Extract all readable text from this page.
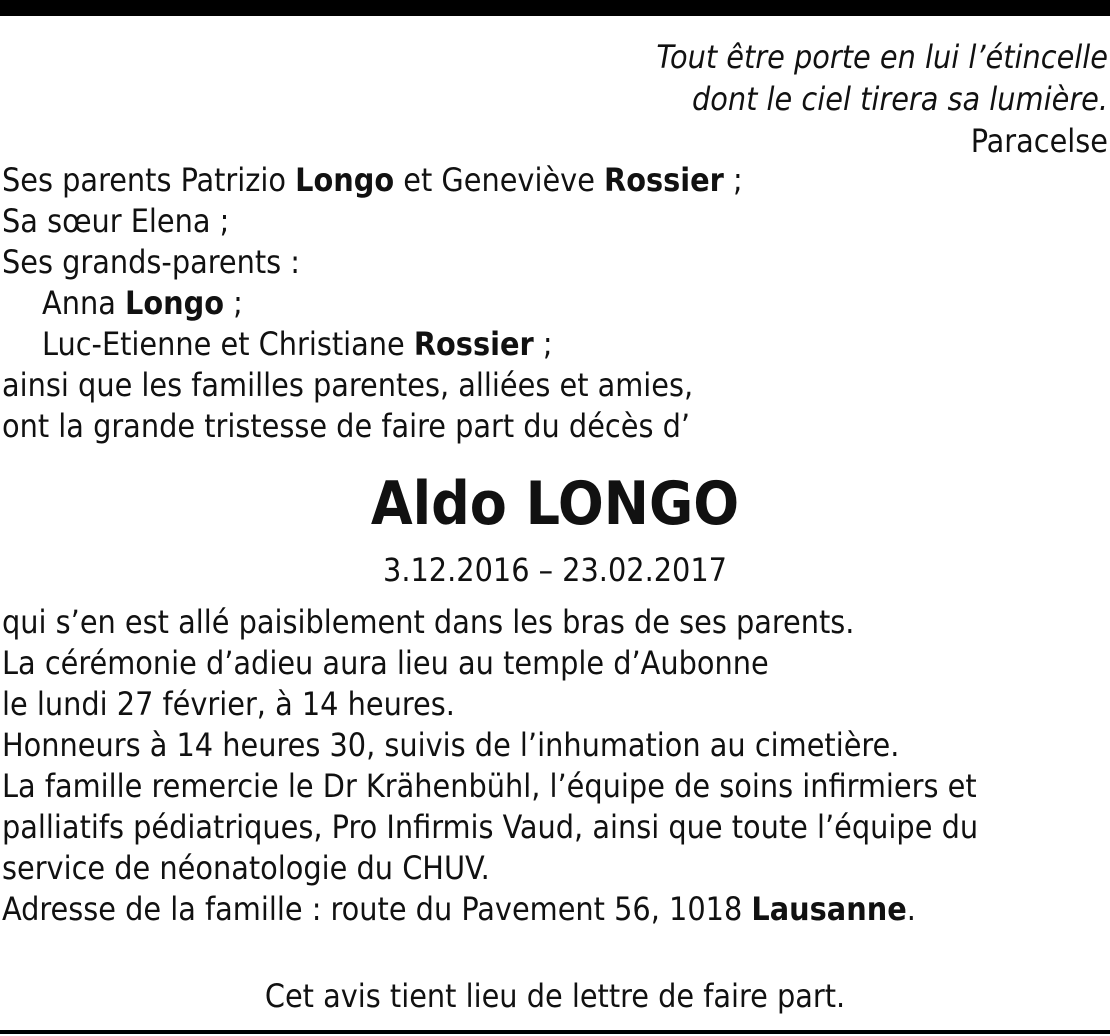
Tout être porte en lui l’étincelle
dont le ciel tirera sa lumière.
Paracelse
Ses parents Patrizio Longo et Geneviève Rossier ;
Sa sœur Elena ;
Ses grands-parents :
Anna Longo ;
Luc-Etienne et Christiane Rossier ;
ainsi que les familles parentes, alliées et amies,
ont la grande tristesse de faire part du décès d’
Aldo LONGO
3.12.2016 – 23.02.2017
qui s’en est allé paisiblement dans les bras de ses parents.
La cérémonie d’adieu aura lieu au temple d’Aubonne
le lundi 27 février, à 14 heures.
Honneurs à 14 heures 30, suivis de l’inhumation au cimetière.
La famille remercie le Dr Krähenbühl, l’équipe de soins infirmiers et
palliatifs pédiatriques, Pro Infirmis Vaud, ainsi que toute l’équipe du
service de néonatologie du CHUV.
Adresse de la famille : route du Pavement 56, 1018 Lausanne.
Cet avis tient lieu de lettre de faire part.
